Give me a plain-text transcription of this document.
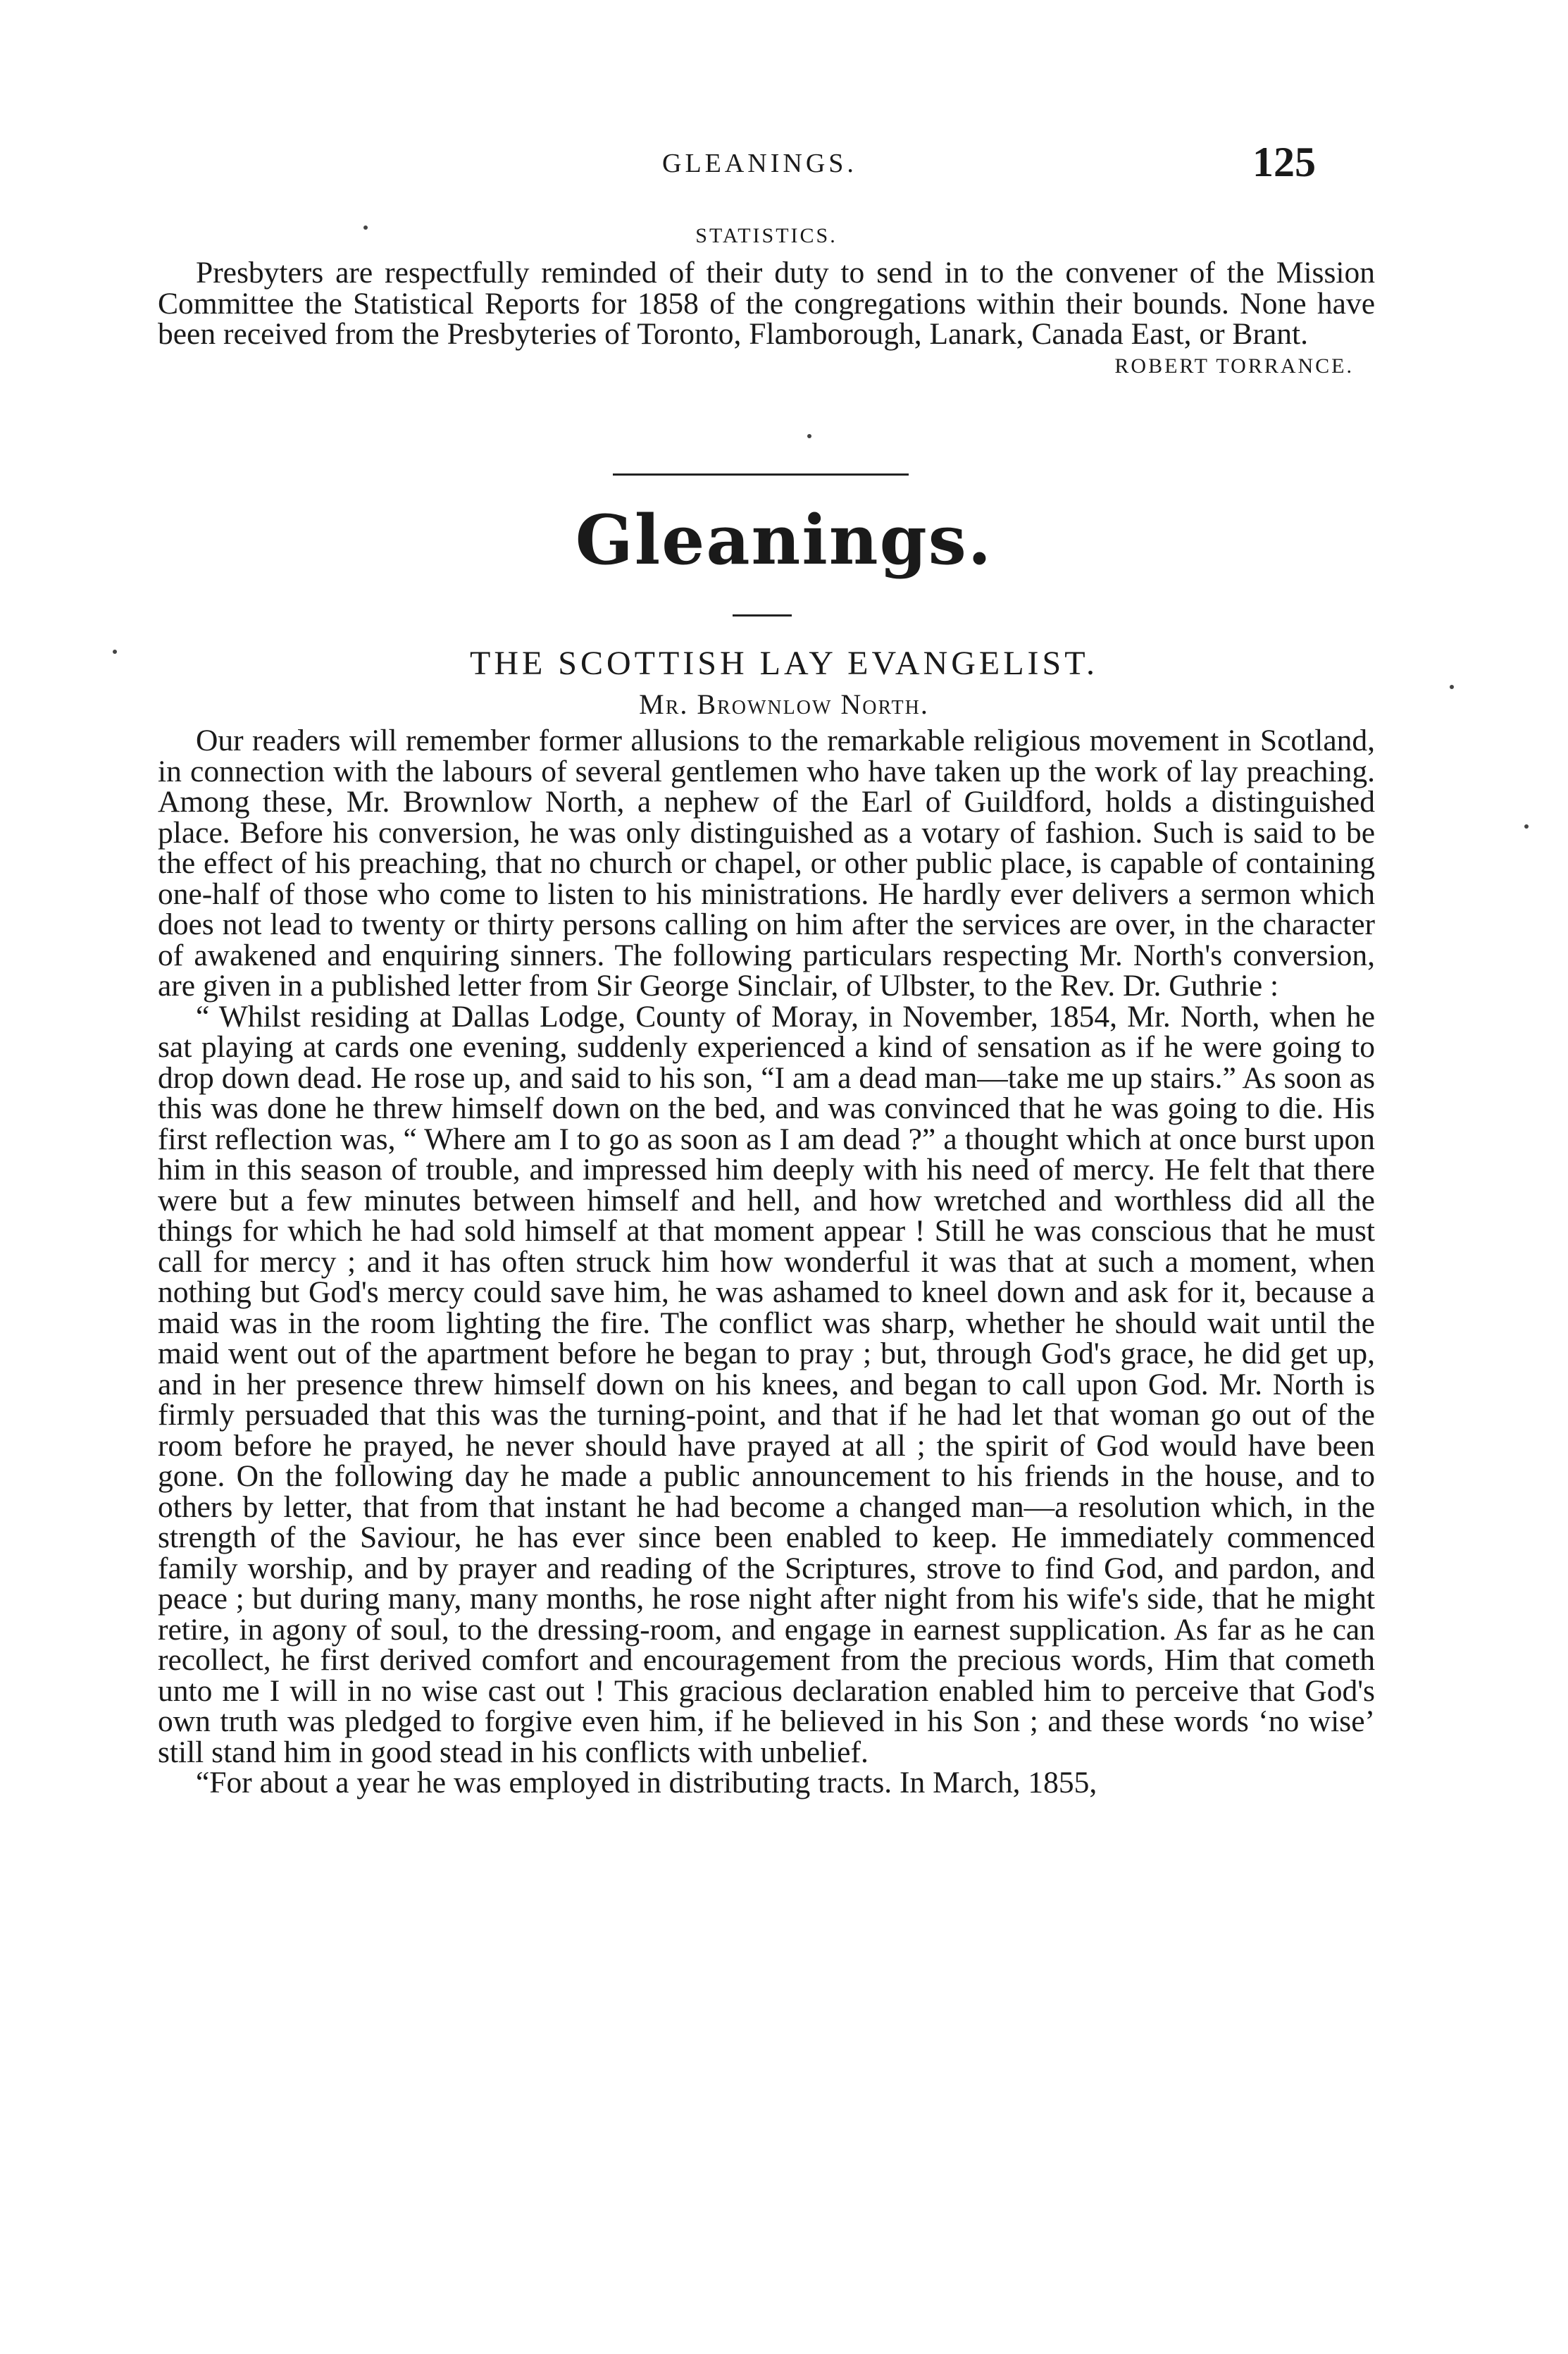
GLEANINGS.	125
STATISTICS.

Presbyters are respectfully reminded of their duty to send in to the convener of the Mission Committee the Statistical Reports for 1858 of the congregations within their bounds. None have been received from the Presbyteries of Toronto, Flamborough, Lanark, Canada East, or Brant.

ROBERT TORRANCE.
Gleanings.
THE SCOTTISH LAY EVANGELIST.
Mr. Brownlow North.

Our readers will remember former allusions to the remarkable religious movement in Scotland, in connection with the labours of several gentlemen who have taken up the work of lay preaching. Among these, Mr. Brownlow North, a nephew of the Earl of Guildford, holds a distinguished place. Before his conversion, he was only distinguished as a votary of fashion. Such is said to be the effect of his preaching, that no church or chapel, or other public place, is capable of containing one-half of those who come to listen to his ministrations. He hardly ever delivers a sermon which does not lead to twenty or thirty persons calling on him after the services are over, in the character of awakened and enquiring sinners. The following particulars respecting Mr. North's conversion, are given in a published letter from Sir George Sinclair, of Ulbster, to the Rev. Dr. Guthrie :

“ Whilst residing at Dallas Lodge, County of Moray, in November, 1854, Mr. North, when he sat playing at cards one evening, suddenly experienced a kind of sensation as if he were going to drop down dead. He rose up, and said to his son, “I am a dead man—take me up stairs.” As soon as this was done he threw himself down on the bed, and was convinced that he was going to die. His first reflection was, “ Where am I to go as soon as I am dead ?” a thought which at once burst upon him in this season of trouble, and impressed him deeply with his need of mercy. He felt that there were but a few minutes between himself and hell, and how wretched and worthless did all the things for which he had sold himself at that moment appear ! Still he was conscious that he must call for mercy ; and it has often struck him how wonderful it was that at such a moment, when nothing but God's mercy could save him, he was ashamed to kneel down and ask for it, because a maid was in the room lighting the fire. The conflict was sharp, whether he should wait until the maid went out of the apartment before he began to pray ; but, through God's grace, he did get up, and in her presence threw himself down on his knees, and began to call upon God. Mr. North is firmly persuaded that this was the turning-point, and that if he had let that woman go out of the room before he prayed, he never should have prayed at all ; the spirit of God would have been gone. On the following day he made a public announcement to his friends in the house, and to others by letter, that from that instant he had become a changed man—a resolution which, in the strength of the Saviour, he has ever since been enabled to keep. He immediately commenced family worship, and by prayer and reading of the Scriptures, strove to find God, and pardon, and peace ; but during many, many months, he rose night after night from his wife's side, that he might retire, in agony of soul, to the dressing-room, and engage in earnest supplication. As far as he can recollect, he first derived comfort and encouragement from the precious words, Him that cometh unto me I will in no wise cast out ! This gracious declaration enabled him to perceive that God's own truth was pledged to forgive even him, if he believed in his Son ; and these words ‘no wise’ still stand him in good stead in his conflicts with unbelief.

“For about a year he was employed in distributing tracts. In March, 1855,
